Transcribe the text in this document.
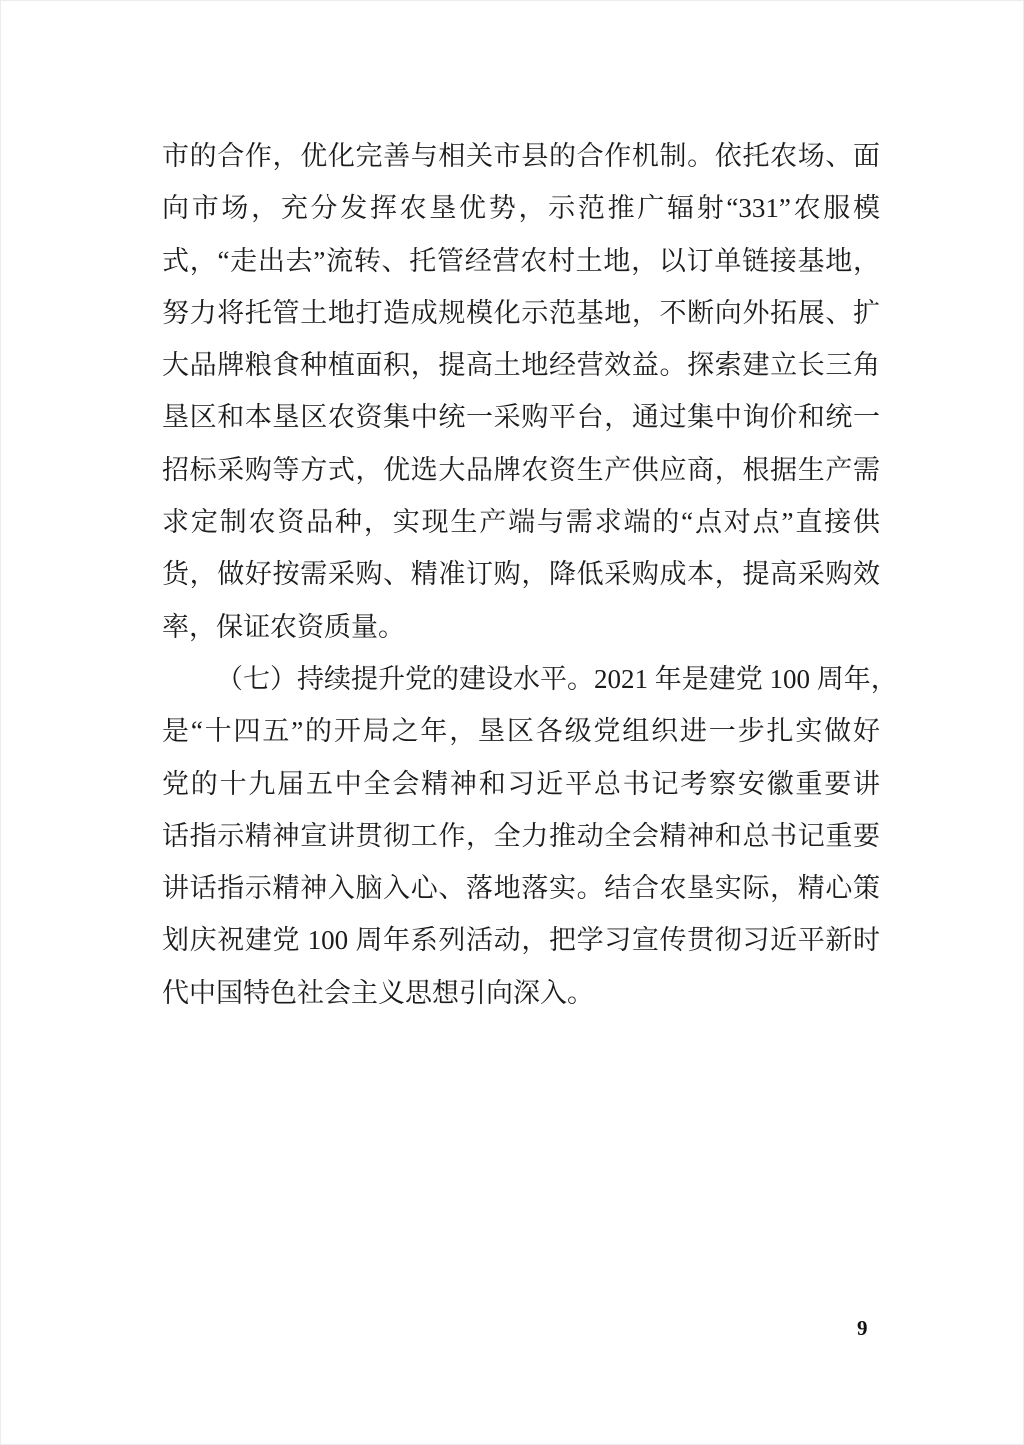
市的合作，优化完善与相关市县的合作机制。依托农场、面
向市场，充分发挥农垦优势，示范推广辐射“331”农服模
式，“走出去”流转、托管经营农村土地，以订单链接基地，
努力将托管土地打造成规模化示范基地，不断向外拓展、扩
大品牌粮食种植面积，提高土地经营效益。探索建立长三角
垦区和本垦区农资集中统一采购平台，通过集中询价和统一
招标采购等方式，优选大品牌农资生产供应商，根据生产需
求定制农资品种，实现生产端与需求端的“点对点”直接供
货，做好按需采购、精准订购，降低采购成本，提高采购效
率，保证农资质量。
（七）持续提升党的建设水平。2021 年是建党 100 周年，
是“十四五”的开局之年，垦区各级党组织进一步扎实做好
党的十九届五中全会精神和习近平总书记考察安徽重要讲
话指示精神宣讲贯彻工作，全力推动全会精神和总书记重要
讲话指示精神入脑入心、落地落实。结合农垦实际，精心策
划庆祝建党 100 周年系列活动，把学习宣传贯彻习近平新时
代中国特色社会主义思想引向深入。
9
